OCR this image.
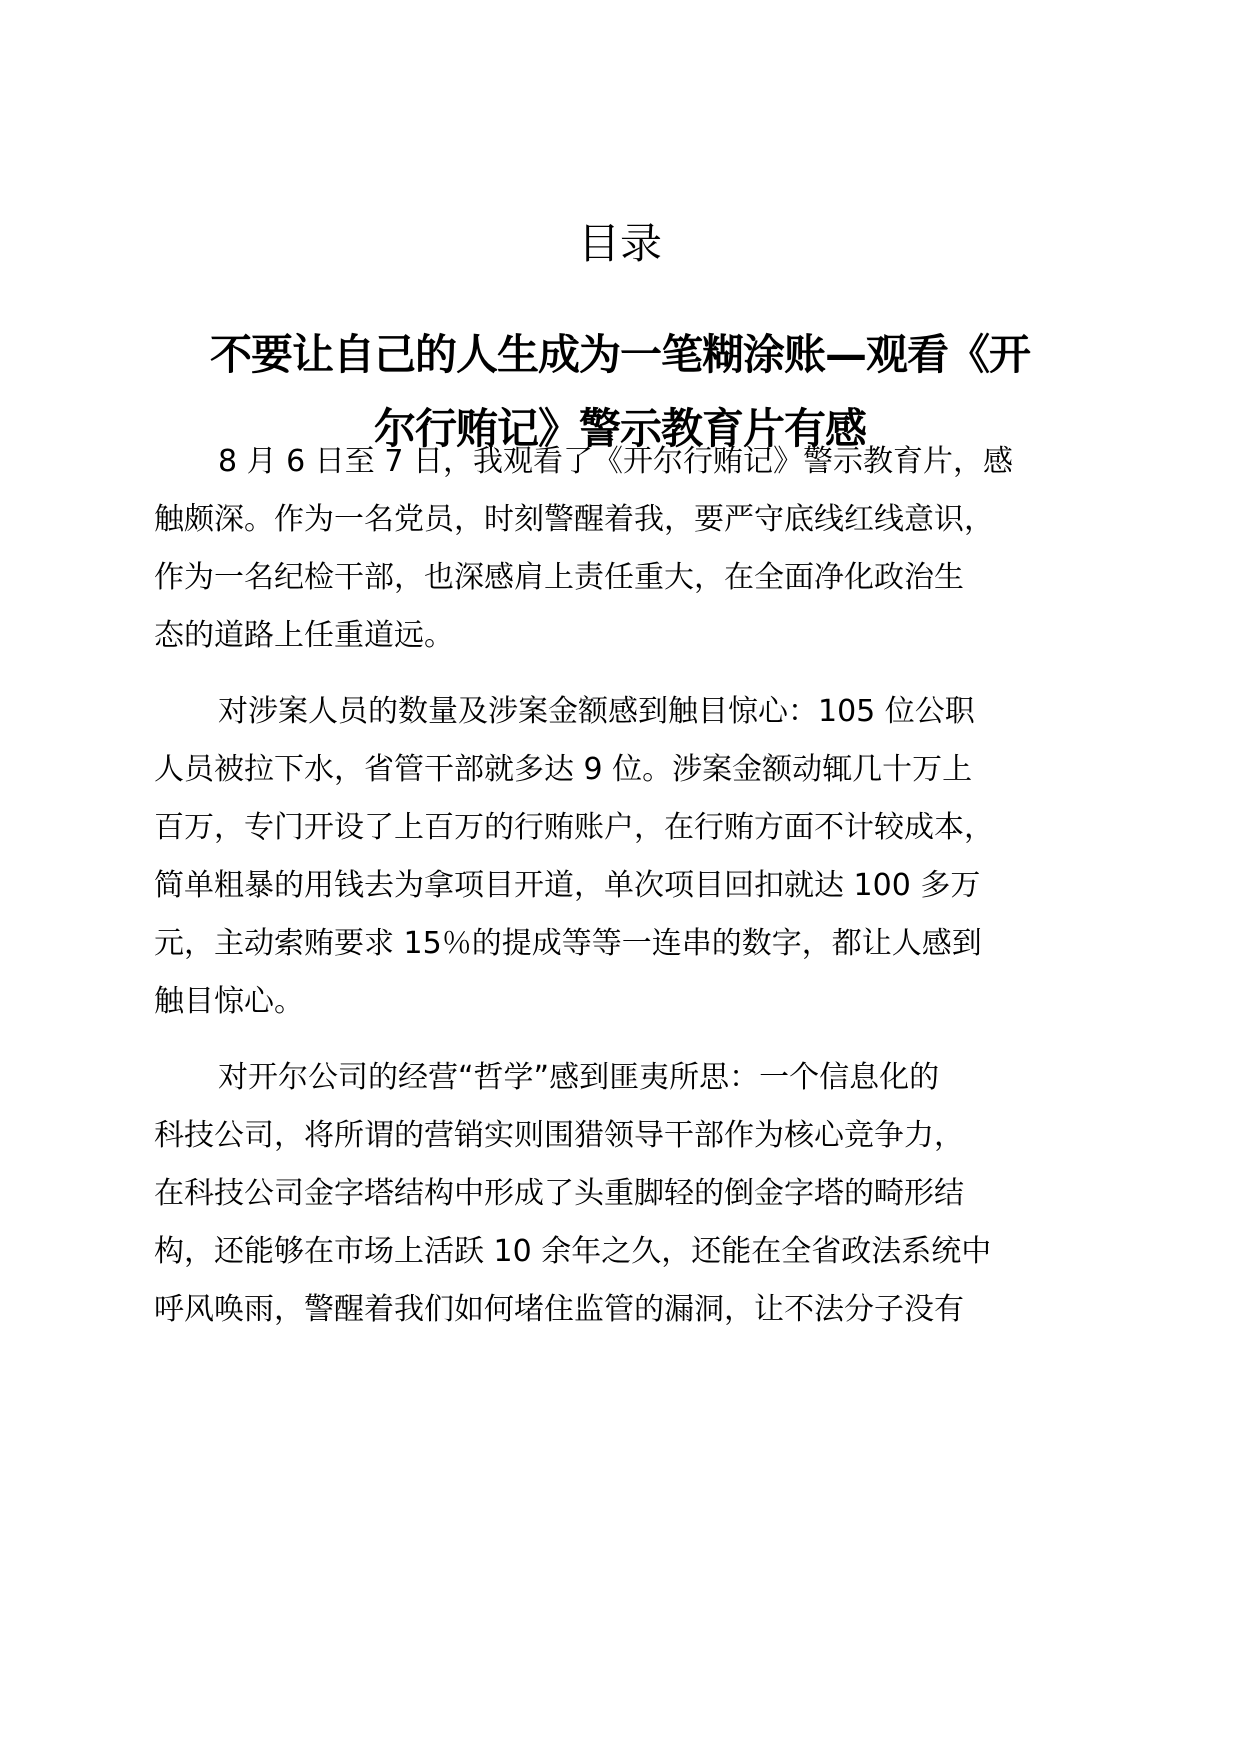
目录
不要让自己的人生成为一笔糊涂账—观看《开
尔行贿记》警示教育片有感

8 月 6 日至 7 日，我观看了《开尔行贿记》警示教育片，感
触颇深。作为一名党员，时刻警醒着我，要严守底线红线意识，
作为一名纪检干部，也深感肩上责任重大，在全面净化政治生
态的道路上任重道远。

对涉案人员的数量及涉案金额感到触目惊心：105 位公职
人员被拉下水，省管干部就多达 9 位。涉案金额动辄几十万上
百万，专门开设了上百万的行贿账户，在行贿方面不计较成本，
简单粗暴的用钱去为拿项目开道，单次项目回扣就达 100 多万
元，主动索贿要求 15％的提成等等一连串的数字，都让人感到
触目惊心。

对开尔公司的经营“哲学”感到匪夷所思：一个信息化的
科技公司，将所谓的营销实则围猎领导干部作为核心竞争力，
在科技公司金字塔结构中形成了头重脚轻的倒金字塔的畸形结
构，还能够在市场上活跃 10 余年之久，还能在全省政法系统中
呼风唤雨，警醒着我们如何堵住监管的漏洞，让不法分子没有
